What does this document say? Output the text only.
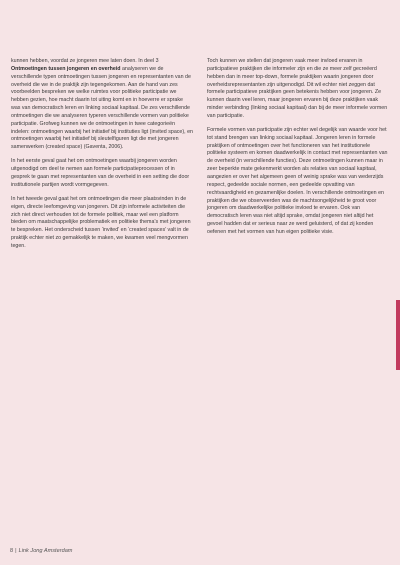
kunnen hebben, voordat ze jongeren mee laten doen. In deel 3 Ontmoetingen tussen jongeren en overheid analyseren we de verschillende typen ontmoetingen tussen jongeren en representanten van de overheid die we in de praktijk zijn tegengekomen. Aan de hand van zes voorbeelden bespreken we welke ruimtes voor politieke participatie we hebben gezien, hoe macht daarin tot uiting komt en in hoeverre er sprake was van democratisch leren en linking sociaal kapitaal. De zes verschillende ontmoetingen die we analyseren typeren verschillende vormen van politieke participatie. Grofweg kunnen we de ontmoetingen in twee categorieën indelen: ontmoetingen waarbij het initiatief bij instituties ligt (invited space), en ontmoetingen waarbij het initiatief bij sleutelfiguren ligt die met jongeren samenwerken (created space) (Gaventa, 2006).

In het eerste geval gaat het om ontmoetingen waarbij jongeren worden uitgenodigd om deel te nemen aan formele participatieprocessen of in gesprek te gaan met representanten van de overheid in een setting die door institutionele partijen wordt vormgegeven.

In het tweede geval gaat het om ontmoetingen die meer plaatsvinden in de eigen, directe leefomgeving van jongeren. Dit zijn informele activiteiten die zich niet direct verhouden tot de formele politiek, maar wel een platform bieden om maatschappelijke problematiek en politieke thema’s met jongeren te bespreken. Het onderscheid tussen ‘invited’ en ‘created spaces’ valt in de praktijk echter niet zo gemakkelijk te maken, we kwamen veel mengvormen tegen.

Toch kunnen we stellen dat jongeren vaak meer invloed ervaren in participatieve praktijken die informeler zijn en die ze meer zelf gecreëerd hebben dan in meer top-down, formele praktijken waarin jongeren door overheidsrepresentanten zijn uitgenodigd. Dit wil echter niet zeggen dat formele participatieve praktijken geen betekenis hebben voor jongeren. Ze kunnen daarin veel leren, maar jongeren ervaren bij deze praktijken vaak minder verbinding (linking sociaal kapitaal) dan bij de meer informele vormen van participatie.

Formele vormen van participatie zijn echter wel degelijk van waarde voor het tot stand brengen van linking sociaal kapitaal. Jongeren leren in formele praktijken of ontmoetingen over het functioneren van het institutionele politieke systeem en komen daadwerkelijk in contact met representanten van de overheid (in verschillende functies). Deze ontmoetingen kunnen maar in zeer beperkte mate gekenmerkt worden als relaties van sociaal kapitaal, aangezien er over het algemeen geen of weinig sprake was van wederzijds respect, gedeelde sociale normen, een gedeelde opvatting van rechtvaardigheid en gezamenlijke doelen. In verschillende ontmoetingen en praktijken die we observeerden was de machtsongelijkheid te groot voor jongeren om daadwerkelijke politieke invloed te ervaren. Ook van democratisch leren was niet altijd sprake, omdat jongeren niet altijd het gevoel hadden dat er serieus naar ze werd geluisterd, of dat zij konden oefenen met het vormen van hun eigen politieke visie.

8 | Link Jong Amsterdam
